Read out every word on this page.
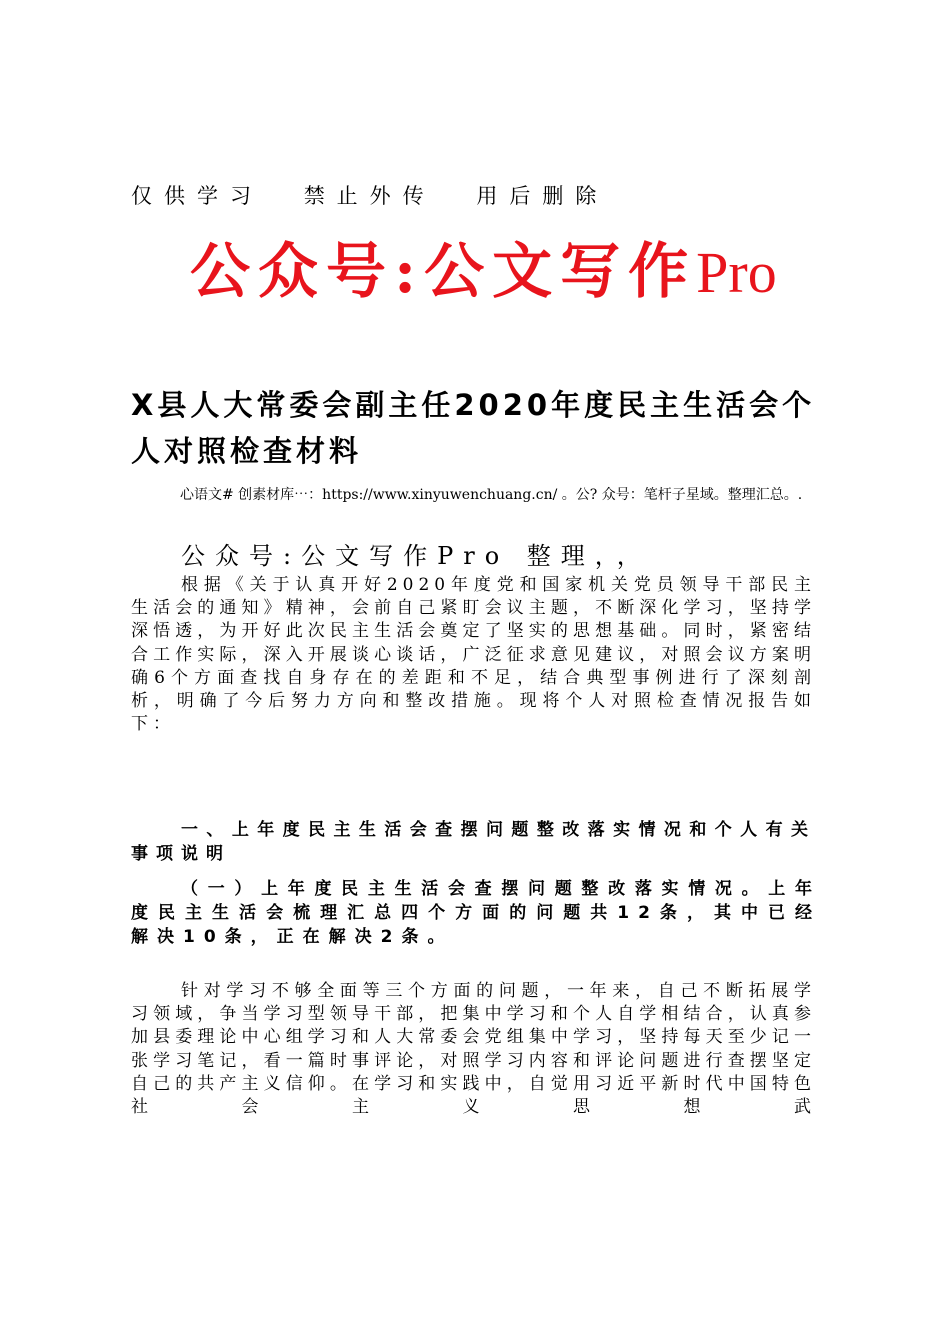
仅供学习 禁止外传 用后删除
公众号:公文写作Pro
X县人大常委会副主任2020年度民主生活会个人对照检查材料

心语文# 创素材库⋯：https://www.xinyuwenchuang.cn/ 。公? 众号：笔杆子星域。整理汇总。.

公众号:公文写作Pro 整理，，

根据《关于认真开好2020年度党和国家机关党员领导干部民主生活会的通知》精神，会前自己紧盯会议主题，不断深化学习，坚持学深悟透，为开好此次民主生活会奠定了坚实的思想基础。同时，紧密结合工作实际，深入开展谈心谈话，广泛征求意见建议，对照会议方案明确6个方面查找自身存在的差距和不足，结合典型事例进行了深刻剖析，明确了今后努力方向和整改措施。现将个人对照检查情况报告如下：

一、上年度民主生活会查摆问题整改落实情况和个人有关事项说明

（一）上年度民主生活会查摆问题整改落实情况。上年度民主生活会梳理汇总四个方面的问题共12条，其中已经解决10条，正在解决2条。

针对学习不够全面等三个方面的问题，一年来，自己不断拓展学习领域，争当学习型领导干部，把集中学习和个人自学相结合，认真参加县委理论中心组学习和人大常委会党组集中学习，坚持每天至少记一张学习笔记，看一篇时事评论，对照学习内容和评论问题进行查摆坚定自己的共产主义信仰。在学习和实践中，自觉用习近平新时代中国特色社会主义思想武
